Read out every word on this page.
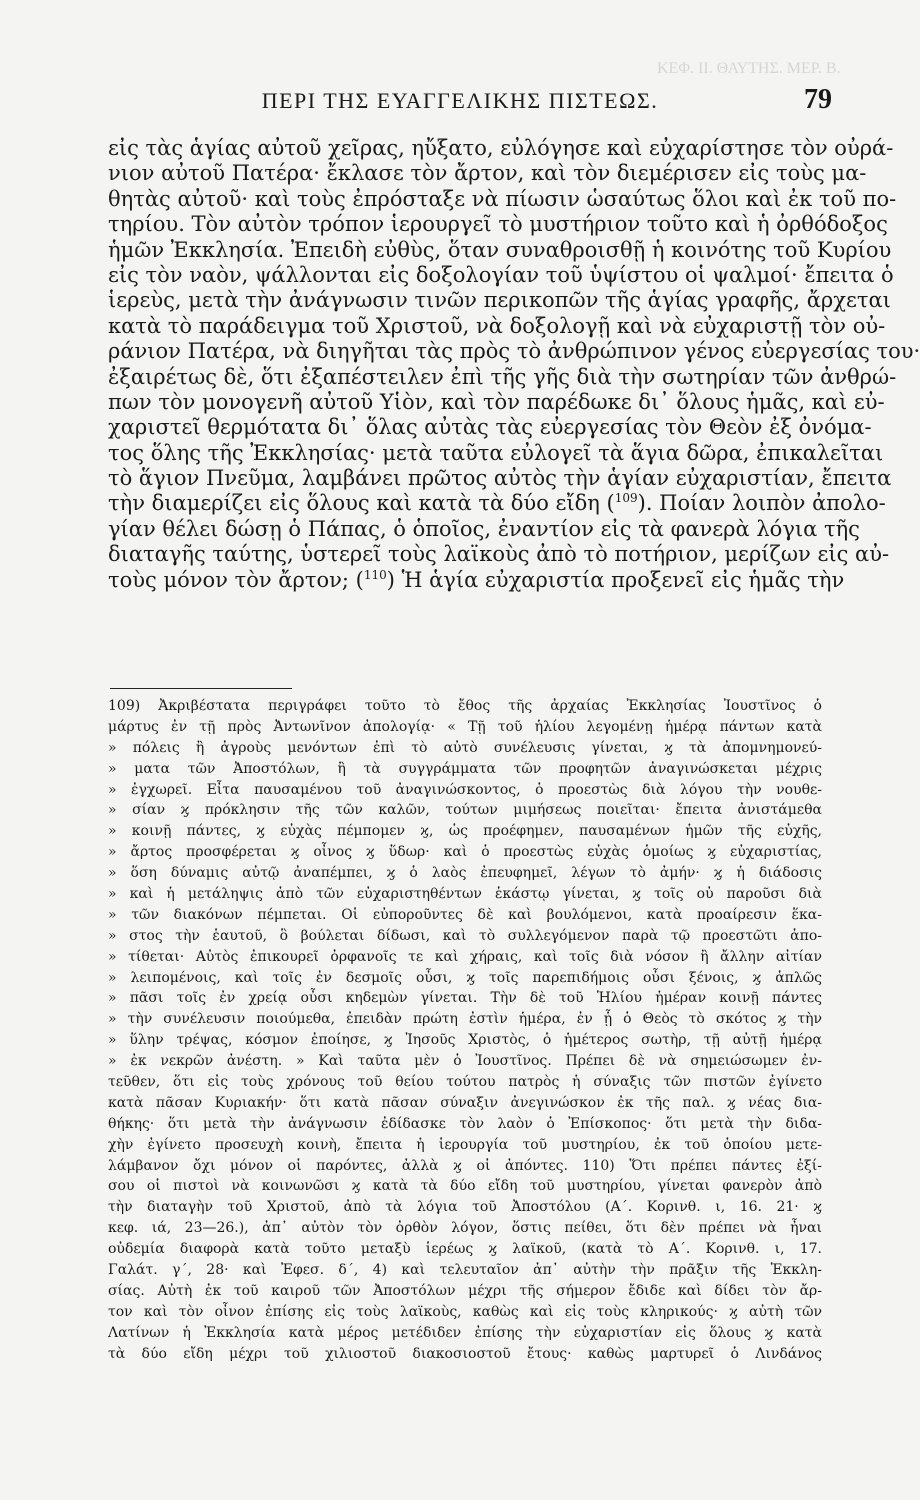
ΚΕΦ. ΙΙ. ΘΑΥΤΗΣ. ΜΕΡ. Β.
ΠΕΡΙ ΤΗΣ ΕΥΑΓΓΕΛΙΚΗΣ ΠΙΣΤΕΩΣ.	79
εἰς τὰς ἁγίας αὐτοῦ χεῖρας, ηὔξατο, εὐλόγησε καὶ εὐχαρίστησε τὸν οὐρά-
νιον αὐτοῦ Πατέρα· ἔκλασε τὸν ἄρτον, καὶ τὸν διεμέρισεν εἰς τοὺς μα-
θητὰς αὐτοῦ· καὶ τοὺς ἐπρόσταξε νὰ πίωσιν ὡσαύτως ὅλοι καὶ ἐκ τοῦ πο-
τηρίου. Τὸν αὐτὸν τρόπον ἱερουργεῖ τὸ μυστήριον τοῦτο καὶ ἡ ὀρθόδοξος
ἡμῶν Ἐκκλησία. Ἐπειδὴ εὐθὺς, ὅταν συναθροισθῇ ἡ κοινότης τοῦ Κυρίου
εἰς τὸν ναὸν, ψάλλονται εἰς δοξολογίαν τοῦ ὑψίστου οἱ ψαλμοί· ἔπειτα ὁ
ἱερεὺς, μετὰ τὴν ἀνάγνωσιν τινῶν περικοπῶν τῆς ἁγίας γραφῆς, ἄρχεται
κατὰ τὸ παράδειγμα τοῦ Χριστοῦ, νὰ δοξολογῇ καὶ νὰ εὐχαριστῇ τὸν οὐ-
ράνιον Πατέρα, νὰ διηγῆται τὰς πρὸς τὸ ἀνθρώπινον γένος εὐεργεσίας του·
ἐξαιρέτως δὲ, ὅτι ἐξαπέστειλεν ἐπὶ τῆς γῆς διὰ τὴν σωτηρίαν τῶν ἀνθρώ-
πων τὸν μονογενῆ αὐτοῦ Υἱὸν, καὶ τὸν παρέδωκε δι᾿ ὅλους ἡμᾶς, καὶ εὐ-
χαριστεῖ θερμότατα δι᾿ ὅλας αὐτὰς τὰς εὐεργεσίας τὸν Θεὸν ἐξ ὀνόμα-
τος ὅλης τῆς Ἐκκλησίας· μετὰ ταῦτα εὐλογεῖ τὰ ἅγια δῶρα, ἐπικαλεῖται
τὸ ἅγιον Πνεῦμα, λαμβάνει πρῶτος αὐτὸς τὴν ἁγίαν εὐχαριστίαν, ἔπειτα
τὴν διαμερίζει εἰς ὅλους καὶ κατὰ τὰ δύο εἴδη ($^{109}$). Ποίαν λοιπὸν ἀπολο-
γίαν θέλει δώσῃ ὁ Πάπας, ὁ ὁποῖος, ἐναντίον εἰς τὰ φανερὰ λόγια τῆς
διαταγῆς ταύτης, ὑστερεῖ τοὺς λαϊκοὺς ἀπὸ τὸ ποτήριον, μερίζων εἰς αὐ-
τοὺς μόνον τὸν ἄρτον; ($^{110}$) Ἡ ἁγία εὐχαριστία προξενεῖ εἰς ἡμᾶς τὴν
109) Ἀκριβέστατα περιγράφει τοῦτο τὸ ἔθος τῆς ἀρχαίας Ἐκκλησίας Ἰουστῖνος ὁ
μάρτυς ἐν τῇ πρὸς Ἀντωνῖνον ἀπολογίᾳ· « Τῇ τοῦ ἡλίου λεγομένῃ ἡμέρᾳ πάντων κατὰ
» πόλεις ἢ ἀγροὺς μενόντων ἐπὶ τὸ αὐτὸ συνέλευσις γίνεται, ϗ τὰ ἀπομνημονεύ-
» ματα τῶν Ἀποστόλων, ἢ τὰ συγγράμματα τῶν προφητῶν ἀναγινώσκεται μέχρις
» ἐγχωρεῖ. Εἶτα παυσαμένου τοῦ ἀναγινώσκοντος, ὁ προεστὼς διὰ λόγου τὴν νουθε-
» σίαν ϗ πρόκλησιν τῆς τῶν καλῶν, τούτων μιμήσεως ποιεῖται· ἔπειτα ἀνιστάμεθα
» κοινῇ πάντες, ϗ εὐχὰς πέμπομεν ϗ, ὡς προέφημεν, παυσαμένων ἡμῶν τῆς εὐχῆς,
» ἄρτος προσφέρεται ϗ οἶνος ϗ ὕδωρ· καὶ ὁ προεστὼς εὐχὰς ὁμοίως ϗ εὐχαριστίας,
» ὅση δύναμις αὐτῷ ἀναπέμπει, ϗ ὁ λαὸς ἐπευφημεῖ, λέγων τὸ ἀμήν· ϗ ἡ διάδοσις
» καὶ ἡ μετάληψις ἀπὸ τῶν εὐχαριστηθέντων ἑκάστῳ γίνεται, ϗ τοῖς οὐ παροῦσι διὰ
» τῶν διακόνων πέμπεται. Οἱ εὐποροῦντες δὲ καὶ βουλόμενοι, κατὰ προαίρεσιν ἕκα-
» στος τὴν ἑαυτοῦ, ὃ βούλεται δίδωσι, καὶ τὸ συλλεγόμενον παρὰ τῷ προεστῶτι ἀπο-
» τίθεται· Αὐτὸς ἐπικουρεῖ ὀρφανοῖς τε καὶ χήραις, καὶ τοῖς διὰ νόσον ἢ ἄλλην αἰτίαν
» λειπομένοις, καὶ τοῖς ἐν δεσμοῖς οὖσι, ϗ τοῖς παρεπιδήμοις οὖσι ξένοις, ϗ ἁπλῶς
» πᾶσι τοῖς ἐν χρείᾳ οὖσι κηδεμὼν γίνεται. Τὴν δὲ τοῦ Ἡλίου ἡμέραν κοινῇ πάντες
» τὴν συνέλευσιν ποιούμεθα, ἐπειδὰν πρώτη ἐστὶν ἡμέρα, ἐν ᾗ ὁ Θεὸς τὸ σκότος ϗ τὴν
» ὕλην τρέψας, κόσμον ἐποίησε, ϗ Ἰησοῦς Χριστὸς, ὁ ἡμέτερος σωτὴρ, τῇ αὐτῇ ἡμέρᾳ
» ἐκ νεκρῶν ἀνέστη. » Καὶ ταῦτα μὲν ὁ Ἰουστῖνος. Πρέπει δὲ νὰ σημειώσωμεν ἐν-
τεῦθεν, ὅτι εἰς τοὺς χρόνους τοῦ θείου τούτου πατρὸς ἡ σύναξις τῶν πιστῶν ἐγίνετο
κατὰ πᾶσαν Κυριακήν· ὅτι κατὰ πᾶσαν σύναξιν ἀνεγινώσκον ἐκ τῆς παλ. ϗ νέας δια-
θήκης· ὅτι μετὰ τὴν ἀνάγνωσιν ἐδίδασκε τὸν λαὸν ὁ Ἐπίσκοπος· ὅτι μετὰ τὴν διδα-
χὴν ἐγίνετο προσευχὴ κοινὴ, ἔπειτα ἡ ἱερουργία τοῦ μυστηρίου, ἐκ τοῦ ὁποίου μετε-
λάμβανον ὄχι μόνον οἱ παρόντες, ἀλλὰ ϗ οἱ ἀπόντες. 110) Ὅτι πρέπει πάντες ἐξί-
σου οἱ πιστοὶ νὰ κοινωνῶσι ϗ κατὰ τὰ δύο εἴδη τοῦ μυστηρίου, γίνεται φανερὸν ἀπὸ
τὴν διαταγὴν τοῦ Χριστοῦ, ἀπὸ τὰ λόγια τοῦ Ἀποστόλου (Α΄. Κορινθ. ι, 16. 21· ϗ
κεφ. ιά, 23—26.), ἀπ᾿ αὐτὸν τὸν ὀρθὸν λόγον, ὅστις πείθει, ὅτι δὲν πρέπει νὰ ἦναι
οὐδεμία διαφορὰ κατὰ τοῦτο μεταξὺ ἱερέως ϗ λαϊκοῦ, (κατὰ τὸ Α΄. Κορινθ. ι, 17.
Γαλάτ. γ΄, 28· καὶ Ἐφεσ. δ΄, 4) καὶ τελευταῖον ἀπ᾿ αὐτὴν τὴν πρᾶξιν τῆς Ἐκκλη-
σίας. Αὐτὴ ἐκ τοῦ καιροῦ τῶν Ἀποστόλων μέχρι τῆς σήμερον ἔδιδε καὶ δίδει τὸν ἄρ-
τον καὶ τὸν οἶνον ἐπίσης εἰς τοὺς λαϊκοὺς, καθὼς καὶ εἰς τοὺς κληρικούς· ϗ αὐτὴ τῶν
Λατίνων ἡ Ἐκκλησία κατὰ μέρος μετέδιδεν ἐπίσης τὴν εὐχαριστίαν εἰς ὅλους ϗ κατὰ
τὰ δύο εἴδη μέχρι τοῦ χιλιοστοῦ διακοσιοστοῦ ἔτους· καθὼς μαρτυρεῖ ὁ Λινδάνος
